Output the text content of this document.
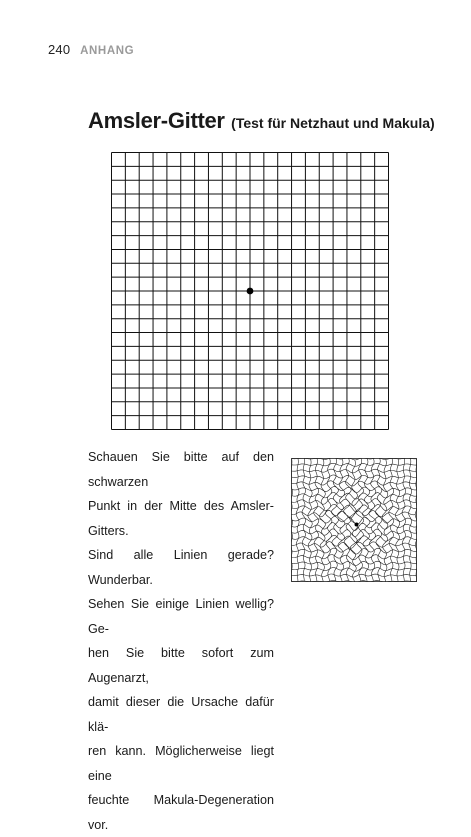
240 ANHANG
Amsler-Gitter (Test für Netzhaut und Makula)

Schauen Sie bitte auf den schwarzen

Punkt in der Mitte des Amsler-Gitters.

Sind alle Linien gerade? Wunderbar.

Sehen Sie einige Linien wellig? Ge-

hen Sie bitte sofort zum Augenarzt,

damit dieser die Ursache dafür klä-

ren kann. Möglicherweise liegt eine

feuchte Makula-Degeneration vor.
